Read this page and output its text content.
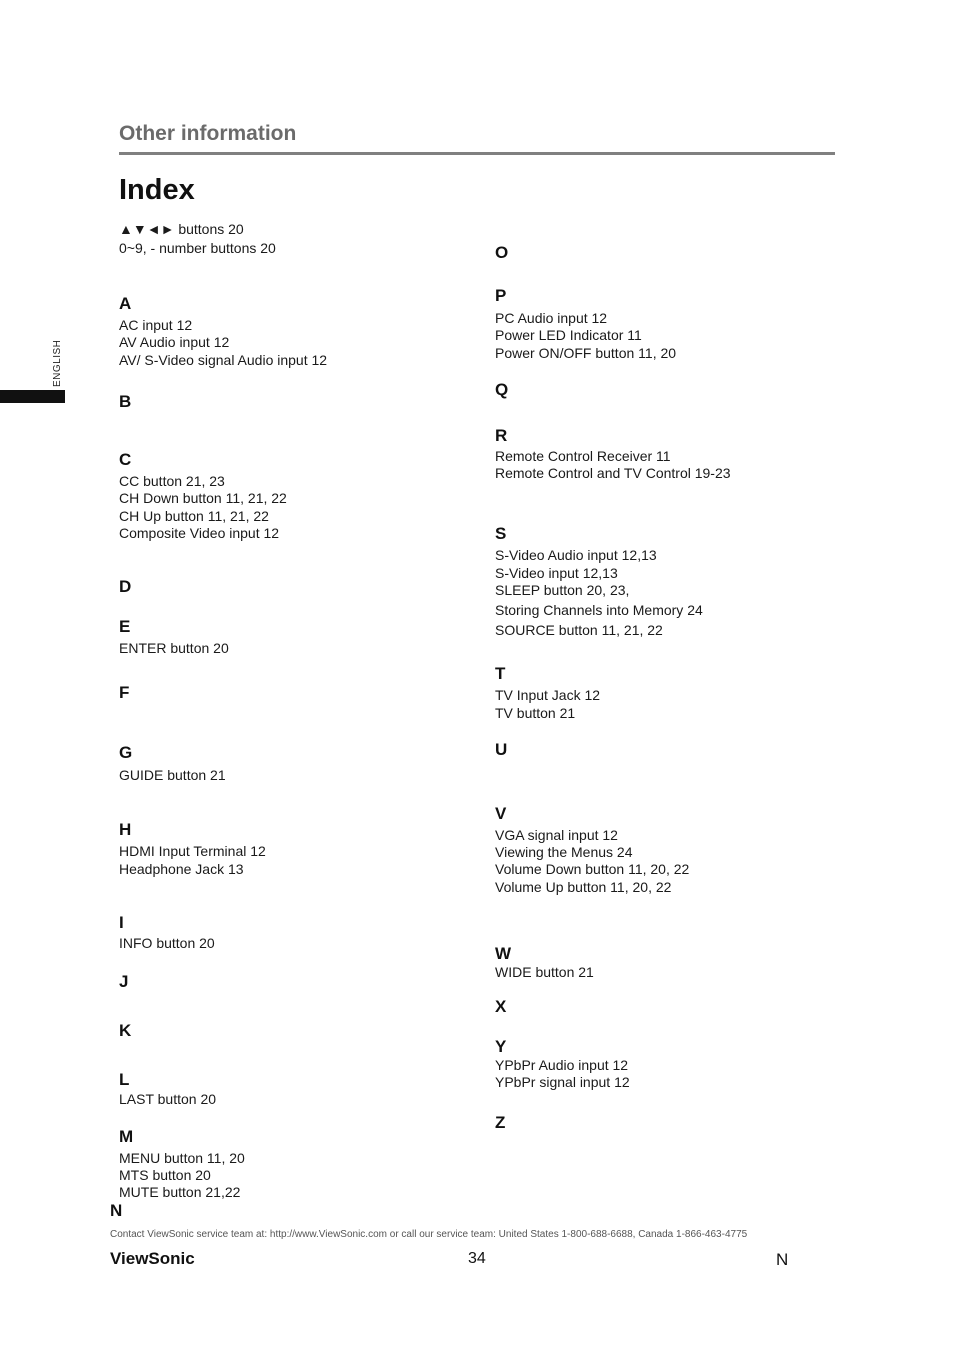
Other information
Index
ENGLISH
N
Contact ViewSonic service team at: http://www.ViewSonic.com or call our service team: United States 1-800-688-6688, Canada 1-866-463-4775
ViewSonic	34	N
▲▼◄► buttons 20
0~9, - number buttons 20
A
AC input 12
AV Audio input 12
AV/ S-Video signal Audio input 12
B
C
CC button 21, 23
CH Down button 11, 21, 22
CH Up button 11, 21, 22
Composite Video input 12
D
E
ENTER button 20
F
G
GUIDE button 21
H
HDMI Input Terminal 12
Headphone Jack 13
I
INFO button 20
J
K
L
LAST button 20
M
MENU button 11, 20
MTS button 20
MUTE button 21,22
O
P
PC Audio input 12
Power LED Indicator 11
Power ON/OFF button 11, 20
Q
R
Remote Control Receiver 11
Remote Control and TV Control 19-23
S
S-Video Audio input 12,13
S-Video input 12,13
SLEEP button 20, 23,
Storing Channels into Memory 24
SOURCE button 11, 21, 22
T
TV Input Jack 12
TV button 21
U
V
VGA signal input 12
Viewing the Menus 24
Volume Down button 11, 20, 22
Volume Up button 11, 20, 22
W
WIDE button 21
X
Y
YPbPr Audio input 12
YPbPr signal input 12
Z
